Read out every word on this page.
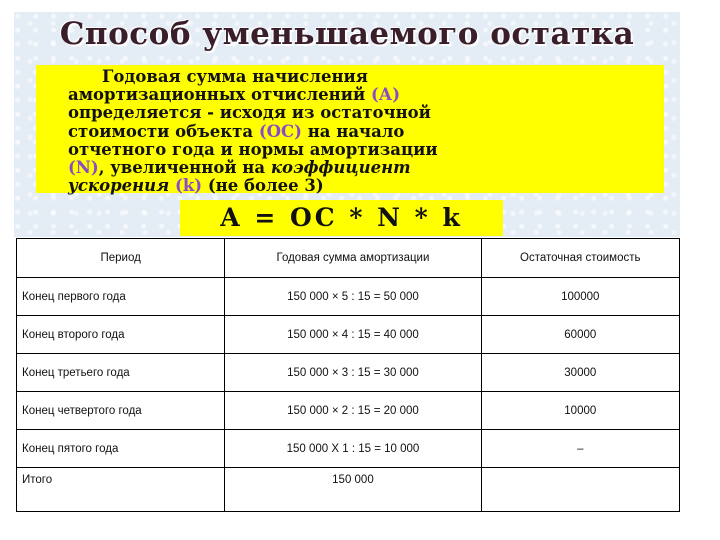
Способ уменьшаемого остатка
Годовая сумма начисления
амортизационных отчислений (А)
определяется - исходя из остаточной
стоимости объекта (ОС) на начало
отчетного года и нормы амортизации
(N), увеличенной на коэффициент
ускорения (k) (не более 3)
A = OC * N * k
Период	Годовая сумма амортизации	Остаточная стоимость
Конец первого года	150 000 × 5 : 15 = 50 000	100000
Конец второго года	150 000 × 4 : 15 = 40 000	60000
Конец третьего года	150 000 × 3 : 15 = 30 000	30000
Конец четвертого года	150 000 × 2 : 15 = 20 000	10000
Конец пятого года	150 000 X 1 : 15 = 10 000	–
Итого	150 000	
